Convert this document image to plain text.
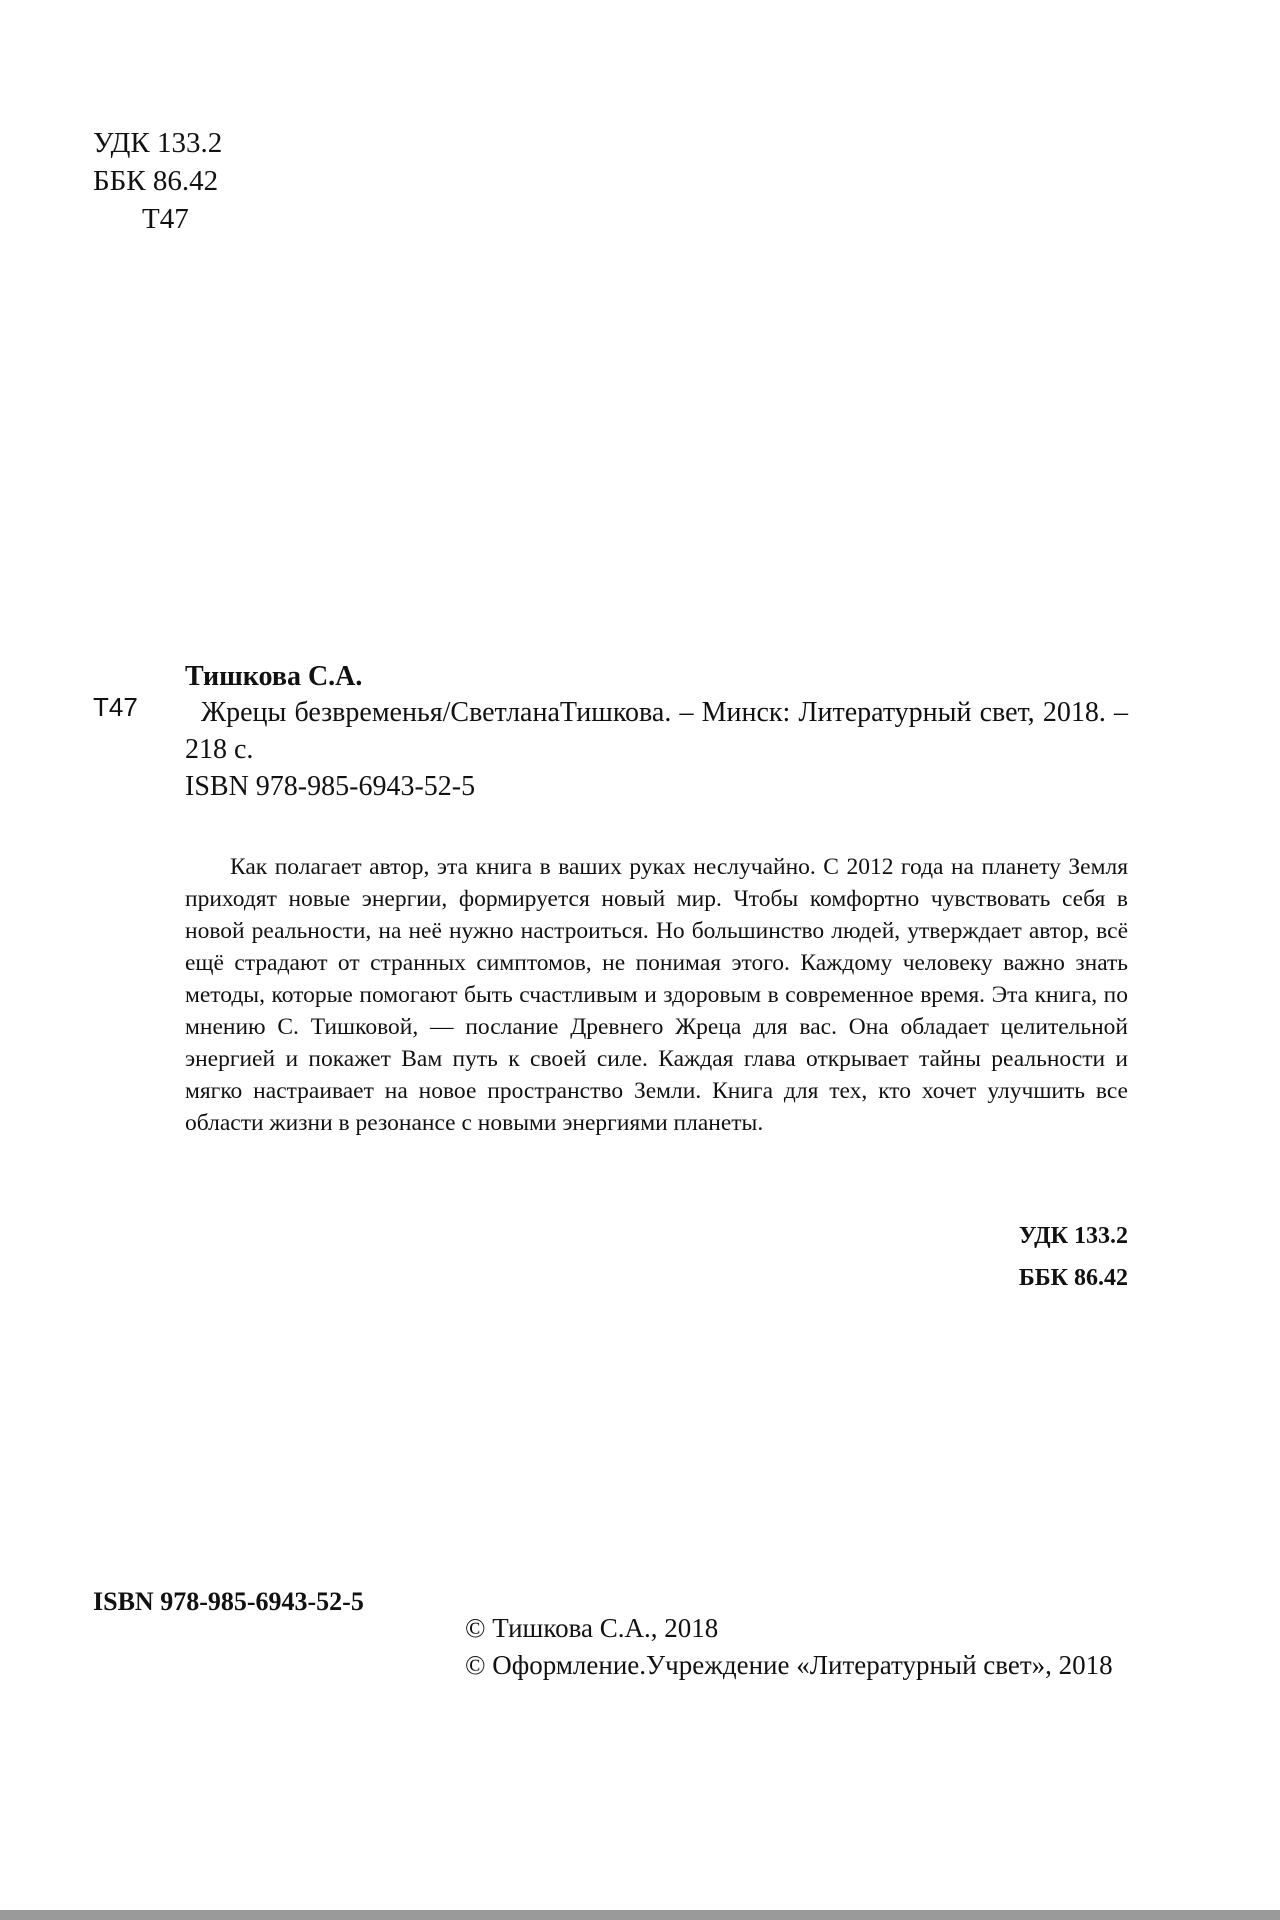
УДК 133.2
ББК 86.42
Т47
Т47
Тишкова С.А.
Жрецы безвременья/СветланаТишкова. – Минск: Литературный свет, 2018. – 218 с.
ISBN 978-985-6943-52-5
Как полагает автор, эта книга в ваших руках неслучайно. С 2012 года на планету Земля приходят новые энергии, формируется новый мир. Чтобы комфортно чувствовать себя в новой реальности, на неё нужно настроиться. Но большинство людей, утверждает автор, всё ещё страдают от странных симптомов, не понимая этого. Каждому человеку важно знать методы, которые помогают быть счастливым и здоровым в современное время. Эта книга, по мнению С. Тишковой, — послание Древнего Жреца для вас. Она обладает целительной энергией и покажет Вам путь к своей силе. Каждая глава открывает тайны реальности и мягко настраивает на новое пространство Земли. Книга для тех, кто хочет улучшить все области жизни в резонансе с новыми энергиями планеты.
УДК 133.2
ББК 86.42
ISBN 978-985-6943-52-5
© Тишкова С.А., 2018
© Оформление.Учреждение «Литературный свет», 2018
